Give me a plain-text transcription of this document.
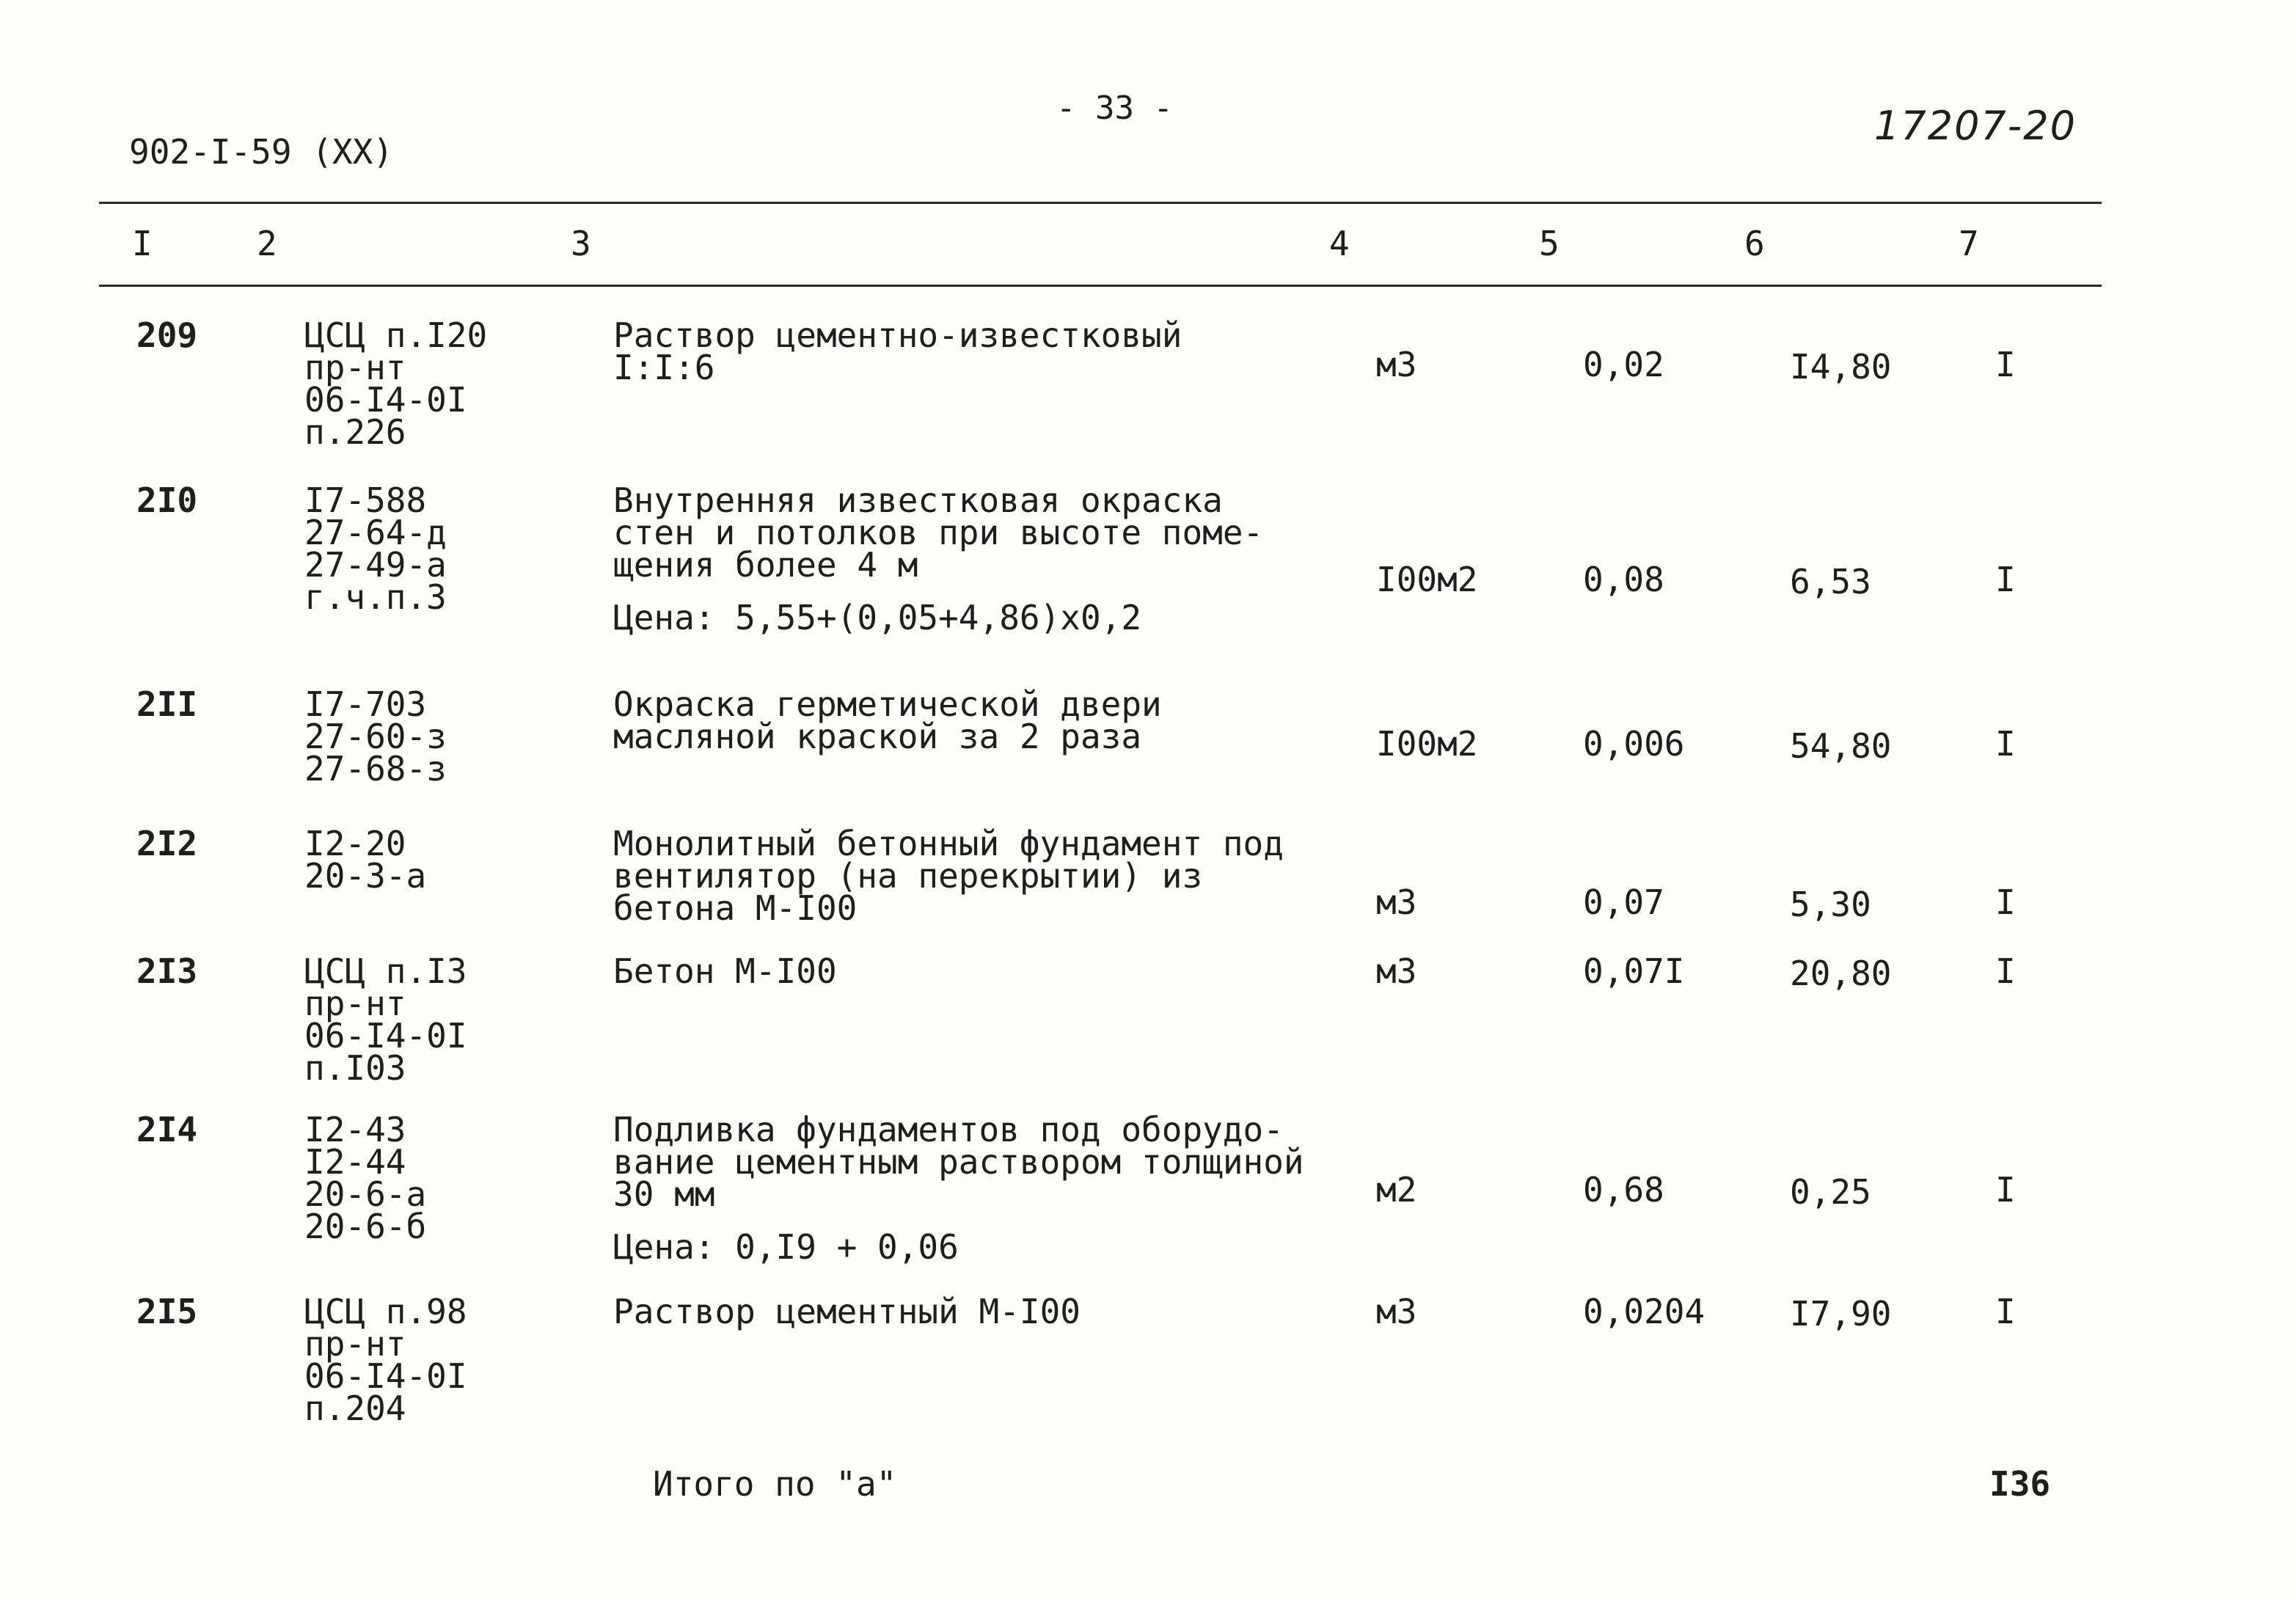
902-I-59 (XX)
- 33 -	17207-20
I	2	3	4	5	6	7
209	ЦСЦ п.I20
пр-нт
06-I4-0I
п.226
Раствор цементно-известковый
I:I:6	м3	0,02	I4,80	I
2I0	I7-588
27-64-д
27-49-а
г.ч.п.3
Внутренняя известковая окраска
стен и потолков при высоте поме-
щения более 4 м
Цена: 5,55+(0,05+4,86)х0,2
I00м2	0,08	6,53	I
2II	I7-703
27-60-з
27-68-з
Окраска герметической двери
масляной краской за 2 раза	I00м2	0,006	54,80	I
2I2	I2-20
20-3-а
Монолитный бетонный фундамент под
вентилятор (на перекрытии) из
бетона М-I00	м3	0,07	5,30	I
2I3	ЦСЦ п.I3
пр-нт
06-I4-0I
п.I03
Бетон М-I00	м3	0,07I	20,80	I
2I4	I2-43
I2-44
20-6-а
20-6-б
Подливка фундаментов под оборудо-
вание цементным раствором толщиной
30 мм
Цена: 0,I9 + 0,06
м2	0,68	0,25	I
2I5	ЦСЦ п.98
пр-нт
06-I4-0I
п.204
Раствор цементный М-I00	м3	0,0204	I7,90	I
Итого по "а"	I36
